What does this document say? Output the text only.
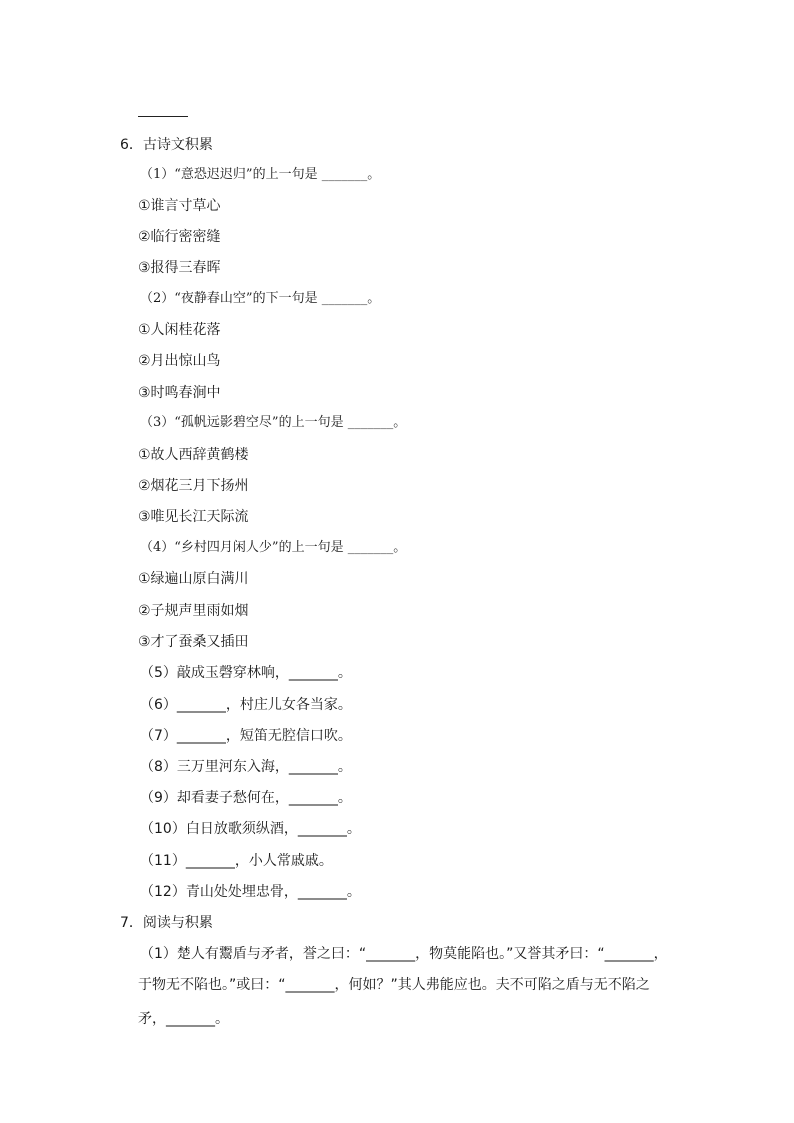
6．古诗文积累
（1）“意恐迟迟归”的上一句是 _______。
①谁言寸草心
②临行密密缝
③报得三春晖
（2）“夜静春山空”的下一句是 _______。
①人闲桂花落
②月出惊山鸟
③时鸣春涧中
（3）“孤帆远影碧空尽”的上一句是 _______。
①故人西辞黄鹤楼
②烟花三月下扬州
③唯见长江天际流
（4）“乡村四月闲人少”的上一句是 _______。
①绿遍山原白满川
②子规声里雨如烟
③才了蚕桑又插田
（5）敲成玉磬穿林响，_______。
（6）_______，村庄儿女各当家。
（7）_______，短笛无腔信口吹。
（8）三万里河东入海，_______。
（9）却看妻子愁何在，_______。
（10）白日放歌须纵酒，_______。
（11）_______，小人常戚戚。
（12）青山处处埋忠骨，_______。
7．阅读与积累
（1）楚人有鬻盾与矛者，誉之曰：“_______，物莫能陷也。”又誉其矛曰：“_______，
于物无不陷也。”或曰：“_______，何如？”其人弗能应也。夫不可陷之盾与无不陷之
矛，_______。
